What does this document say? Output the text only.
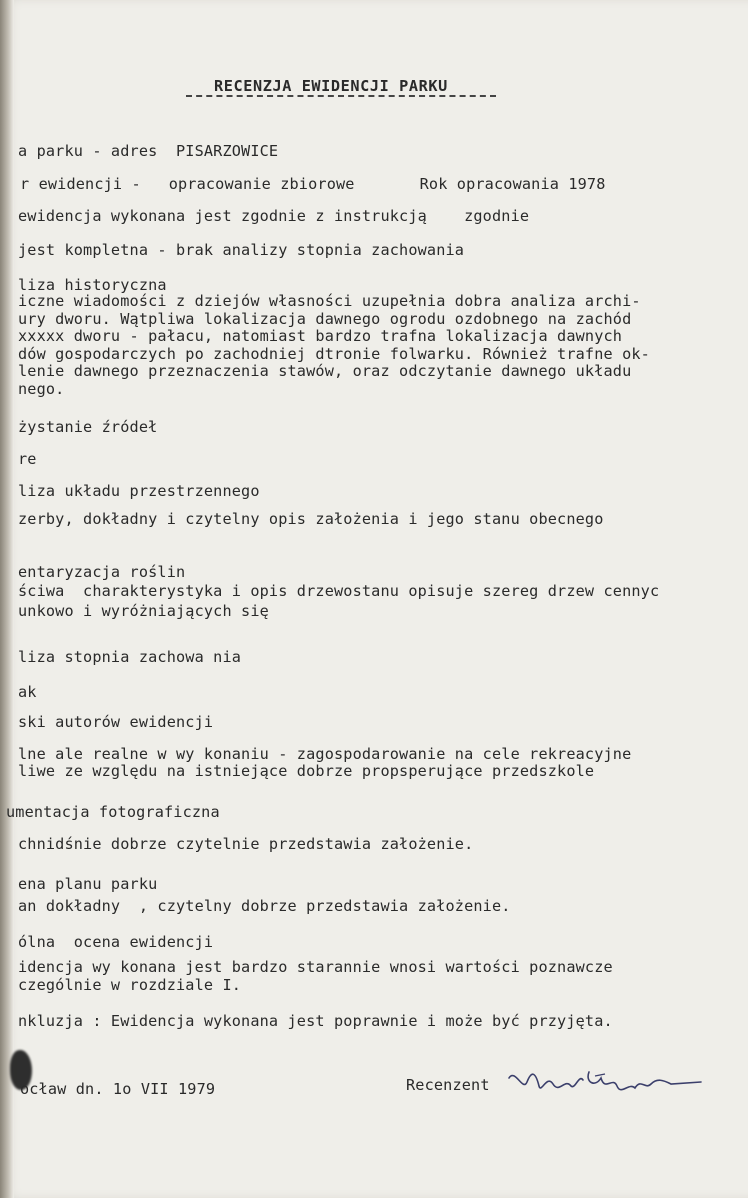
RECENZJA EWIDENCJI PARKU
a parku - adres  PISARZOWICE
r ewidencji -   opracowanie zbiorowe       Rok opracowania 1978
ewidencja wykonana jest zgodnie z instrukcją    zgodnie
jest kompletna - brak analizy stopnia zachowania
liza historyczna
iczne wiadomości z dziejów własności uzupełnia dobra analiza archi-
ury dworu. Wątpliwa lokalizacja dawnego ogrodu ozdobnego na zachód
xxxxx dworu - pałacu, natomiast bardzo trafna lokalizacja dawnych
dów gospodarczych po zachodniej dtronie folwarku. Również trafne ok-
lenie dawnego przeznaczenia stawów, oraz odczytanie dawnego układu
nego.
żystanie źródeł
re
liza układu przestrzennego
zerby, dokładny i czytelny opis założenia i jego stanu obecnego
entaryzacja roślin
ściwa  charakterystyka i opis drzewostanu opisuje szereg drzew cennyc
unkowo i wyróżniających się
liza stopnia zachowa nia
ak
ski autorów ewidencji
lne ale realne w wy konaniu - zagospodarowanie na cele rekreacyjne
liwe ze względu na istniejące dobrze propsperujące przedszkole
umentacja fotograficzna
chnidśnie dobrze czytelnie przedstawia założenie.
ena planu parku
an dokładny  , czytelny dobrze przedstawia założenie.
ólna  ocena ewidencji
idencja wy konana jest bardzo starannie wnosi wartości poznawcze
czególnie w rozdziale I.
nkluzja : Ewidencja wykonana jest poprawnie i może być przyjęta.
ocław dn. 1o VII 1979	Recenzent
